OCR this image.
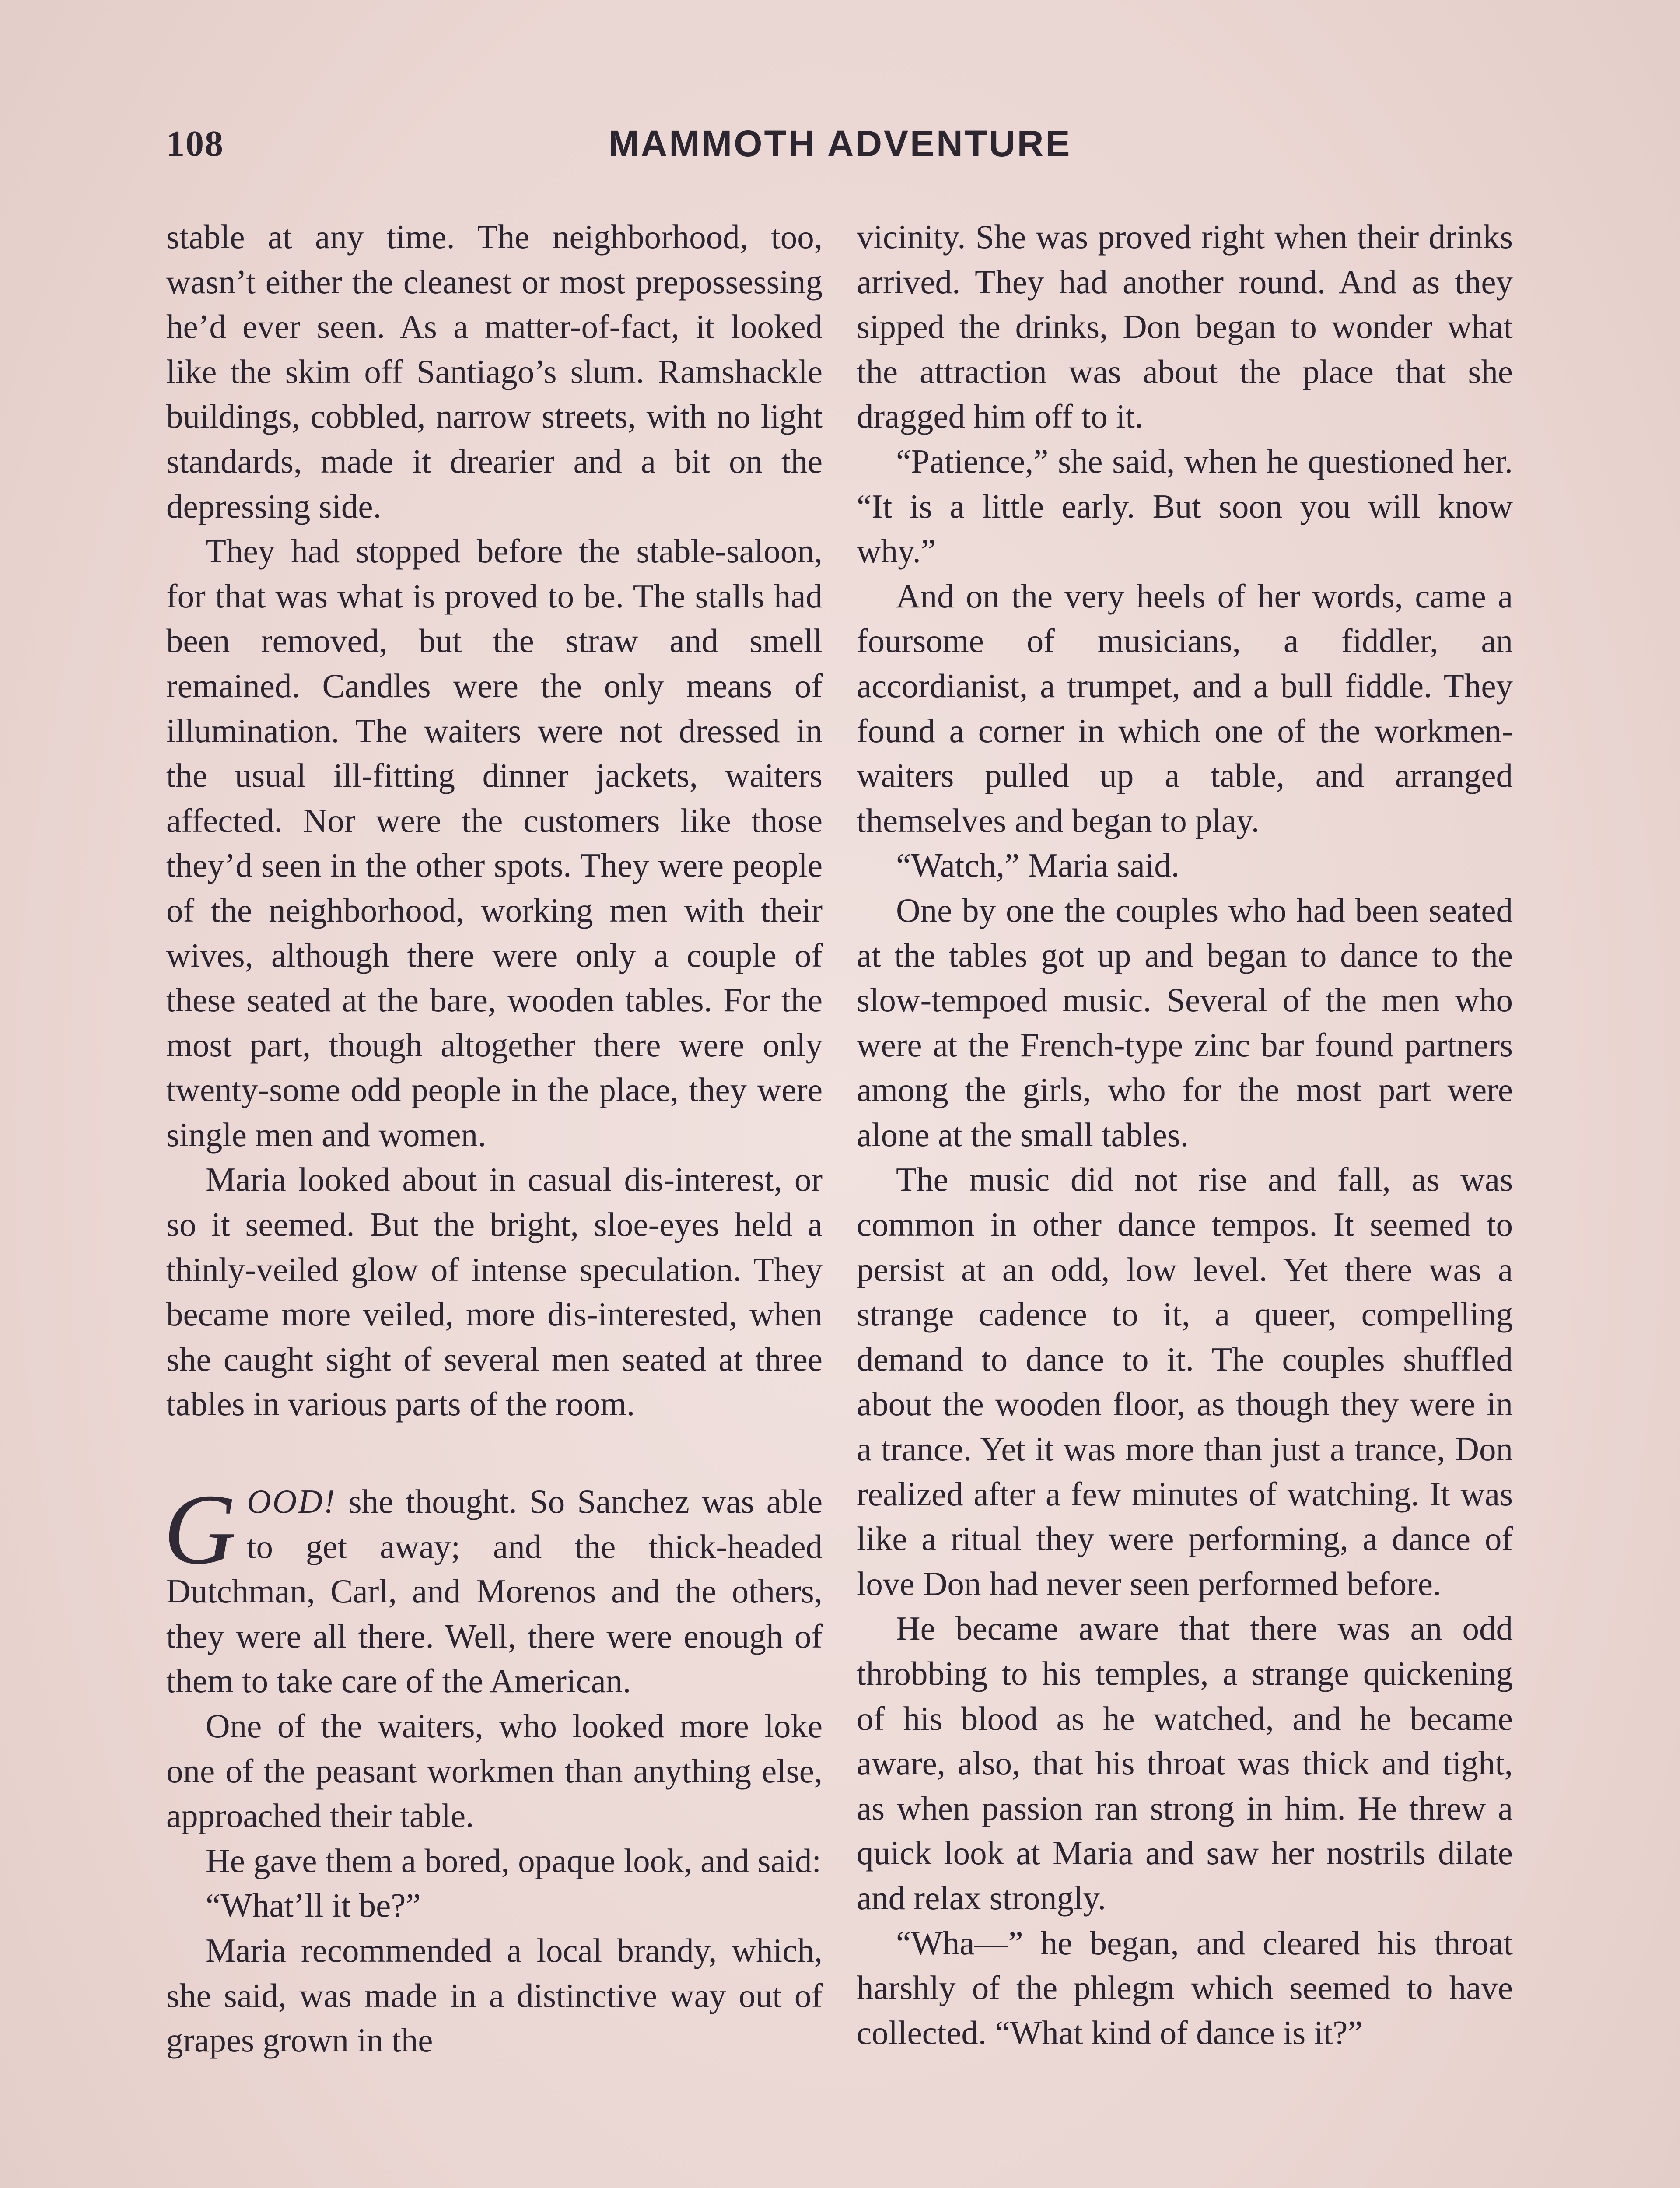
108	MAMMOTH ADVENTURE

stable at any time. The neighborhood, too, wasn’t either the cleanest or most prepossessing he’d ever seen. As a matter-of-fact, it looked like the skim off Santiago’s slum. Ramshackle buildings, cobbled, narrow streets, with no light standards, made it drearier and a bit on the depressing side.

They had stopped before the stable-saloon, for that was what is proved to be. The stalls had been removed, but the straw and smell remained. Candles were the only means of illumination. The waiters were not dressed in the usual ill-fitting dinner jackets, waiters affected. Nor were the customers like those they’d seen in the other spots. They were people of the neighborhood, working men with their wives, although there were only a couple of these seated at the bare, wooden tables. For the most part, though altogether there were only twenty-some odd people in the place, they were single men and women.

Maria looked about in casual dis-interest, or so it seemed. But the bright, sloe-eyes held a thinly-veiled glow of intense speculation. They became more veiled, more dis-interested, when she caught sight of several men seated at three tables in various parts of the room.

GOOD! she thought. So Sanchez was able to get away; and the thick-headed Dutchman, Carl, and Morenos and the others, they were all there. Well, there were enough of them to take care of the American.

One of the waiters, who looked more loke one of the peasant workmen than anything else, approached their table.

He gave them a bored, opaque look, and said:

“What’ll it be?”

Maria recommended a local brandy, which, she said, was made in a distinctive way out of grapes grown in the

vicinity. She was proved right when their drinks arrived. They had another round. And as they sipped the drinks, Don began to wonder what the attraction was about the place that she dragged him off to it.

“Patience,” she said, when he questioned her. “It is a little early. But soon you will know why.”

And on the very heels of her words, came a foursome of musicians, a fiddler, an accordianist, a trumpet, and a bull fiddle. They found a corner in which one of the workmen-waiters pulled up a table, and arranged themselves and began to play.

“Watch,” Maria said.

One by one the couples who had been seated at the tables got up and began to dance to the slow-tempoed music. Several of the men who were at the French-type zinc bar found partners among the girls, who for the most part were alone at the small tables.

The music did not rise and fall, as was common in other dance tempos. It seemed to persist at an odd, low level. Yet there was a strange cadence to it, a queer, compelling demand to dance to it. The couples shuffled about the wooden floor, as though they were in a trance. Yet it was more than just a trance, Don realized after a few minutes of watching. It was like a ritual they were performing, a dance of love Don had never seen performed before.

He became aware that there was an odd throbbing to his temples, a strange quickening of his blood as he watched, and he became aware, also, that his throat was thick and tight, as when passion ran strong in him. He threw a quick look at Maria and saw her nostrils dilate and relax strongly.

“Wha—” he began, and cleared his throat harshly of the phlegm which seemed to have collected. “What kind of dance is it?”
